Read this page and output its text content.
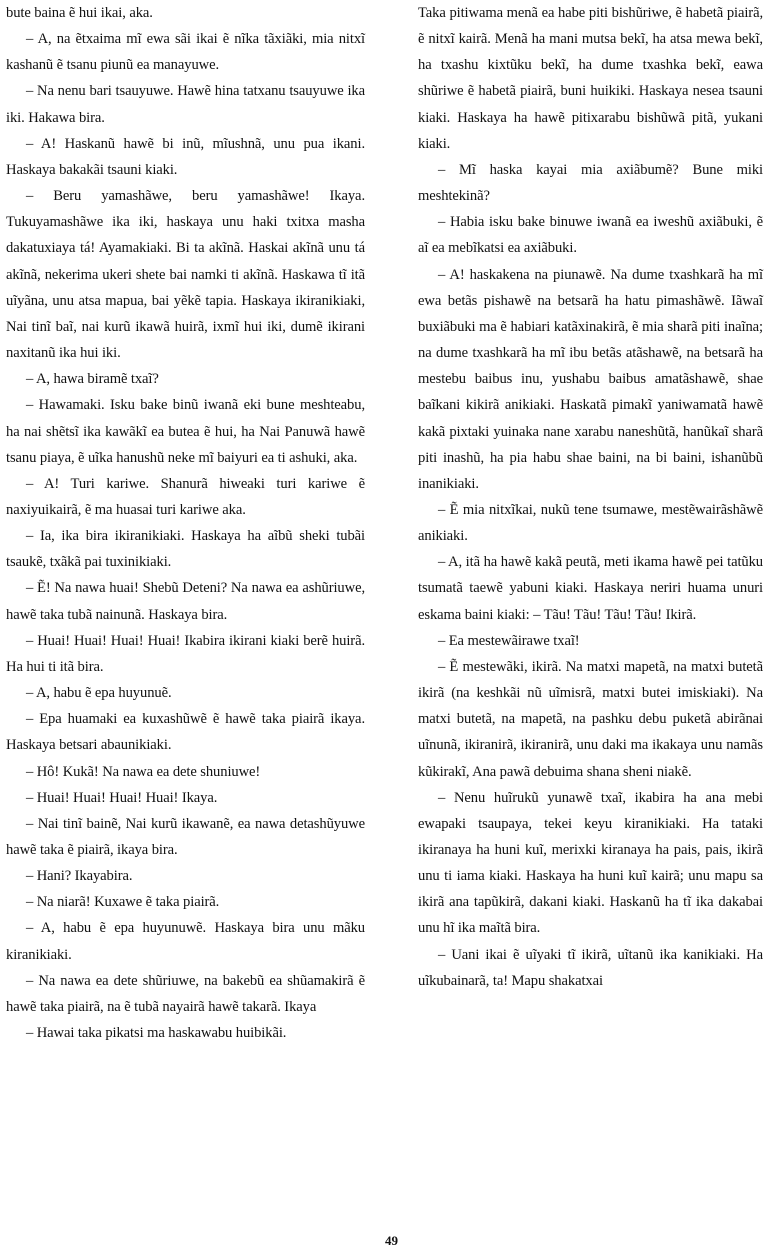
bute baina ẽ hui ikai, aka.

– A, na ẽtxaima mĩ ewa sãi ikai ẽ nĩka tãxiãki, mia nitxĩ kashanũ ẽ tsanu piunũ ea manayuwe.

– Na nenu bari tsauyuwe. Hawẽ hina tatxanu tsauyuwe ika iki. Hakawa bira.

– A! Haskanũ hawẽ bi inũ, mĩushnã, unu pua ikani. Haskaya bakakãi tsauni kiaki.

– Beru yamashãwe, beru yamashãwe! Ikaya. Tukuyamashãwe ika iki, haskaya unu haki txitxa masha dakatuxiaya tá! Ayamakiaki. Bi ta akĩnã. Haskai akĩnã unu tá akĩnã, nekerima ukeri shete bai namki ti akĩnã. Haskawa tĩ itã uĩyãna, unu atsa mapua, bai yẽkẽ tapia. Haskaya ikiranikiaki, Nai tinĩ baĩ, nai kurũ ikawã huirã, ixmĩ hui iki, dumẽ ikirani naxitanũ ika hui iki.

– A, hawa biramẽ txaĩ?

– Hawamaki. Isku bake binũ iwanã eki bune meshteabu, ha nai shẽtsĩ ika kawãkĩ ea butea ẽ hui, ha Nai Panuwã hawẽ tsanu piaya, ẽ uĩka hanushũ neke mĩ baiyuri ea ti ashuki, aka.

– A! Turi kariwe. Shanurã hiweaki turi kariwe ẽ naxiyuikairã, ẽ ma huasai turi kariwe aka.

– Ia, ika bira ikiranikiaki. Haskaya ha aĩbũ sheki tubãi tsaukẽ, txãkã pai tuxinikiaki.

– Ẽ! Na nawa huai! Shebũ Deteni? Na nawa ea ashũriuwe, hawẽ taka tubã nainunã. Haskaya bira.

– Huai! Huai! Huai! Huai! Ikabira ikirani kiaki berẽ huirã. Ha hui ti itã bira.

– A, habu ẽ epa huyunuẽ.

– Epa huamaki ea kuxashũwẽ ẽ hawẽ taka piairã ikaya. Haskaya betsari abaunikiaki.

– Hô! Kukã! Na nawa ea dete shuniuwe!

– Huai! Huai! Huai! Huai! Ikaya.

– Nai tinĩ bainẽ, Nai kurũ ikawanẽ, ea nawa detashũyuwe hawẽ taka ẽ piairã, ikaya bira.

– Hani? Ikayabira.

– Na niarã! Kuxawe ẽ taka piairã.

– A, habu ẽ epa huyunuwẽ. Haskaya bira unu mãku kiranikiaki.

– Na nawa ea dete shũriuwe, na bakebũ ea shũamakirã ẽ hawẽ taka piairã, na ẽ tubã nayairã hawẽ takarã. Ikaya

– Hawai taka pikatsi ma haskawabu huibikãi.

Taka pitiwama menã ea habe piti bishũriwe, ẽ habetã piairã, ẽ nitxĩ kairã. Menã ha mani mutsa bekĩ, ha atsa mewa bekĩ, ha txashu kixtũku bekĩ, ha dume txashka bekĩ, eawa shũriwe ẽ habetã piairã, buni huikiki. Haskaya nesea tsauni kiaki. Haskaya ha hawẽ pitixarabu bishũwã pitã, yukani kiaki.

– Mĩ haska kayai mia axiãbumẽ? Bune miki meshtekinã?

– Habia isku bake binuwe iwanã ea iweshũ axiãbuki, ẽ aĩ ea mebĩkatsi ea axiãbuki.

– A! haskakena na piunawẽ. Na dume txashkarã ha mĩ ewa betãs pishawẽ na betsarã ha hatu pimashãwẽ. Iãwaĩ buxiãbuki ma ẽ habiari katãxinakirã, ẽ mia sharã piti inaĩna; na dume txashkarã ha mĩ ibu betãs atãshawẽ, na betsarã ha mestebu baibus inu, yushabu baibus amatãshawẽ, shae baĩkani kikirã anikiaki. Haskatã pimakĩ yaniwamatã hawẽ kakã pixtaki yuinaka nane xarabu naneshũtã, hanũkaĩ sharã piti inashũ, ha pia habu shae baini, na bi baini, ishanũbũ inanikiaki.

– Ẽ mia nitxĩkai, nukũ tene tsumawe, mestẽwairãshãwẽ anikiaki.

– A, itã ha hawẽ kakã peutã, meti ikama hawẽ pei tatũku tsumatã taewẽ yabuni kiaki. Haskaya neriri huama unuri eskama baini kiaki: – Tãu! Tãu! Tãu! Tãu! Ikirã.

– Ea mestewãirawe txaĩ!

– Ẽ mestewãki, ikirã. Na matxi mapetã, na matxi butetã ikirã (na keshkãi nũ uĩmisrã, matxi butei imiskiaki). Na matxi butetã, na mapetã, na pashku debu puketã abirãnai uĩnunã, ikiranirã, ikiranirã, unu daki ma ikakaya unu namãs kũkirakĩ, Ana pawã debuima shana sheni niakẽ.

– Nenu huĩrukũ yunawẽ txaĩ, ikabira ha ana mebi ewapaki tsaupaya, tekei keyu kiranikiaki. Ha tataki ikiranaya ha huni kuĩ, merixki kiranaya ha pais, pais, ikirã unu ti iama kiaki. Haskaya ha huni kuĩ kairã; unu mapu sa ikirã ana tapũkirã, dakani kiaki. Haskanũ ha tĩ ika dakabai unu hĩ ika maĩtã bira.

– Uani ikai ẽ uĩyaki tĩ ikirã, uĩtanũ ika kanikiaki. Ha uĩkubainarã, ta! Mapu shakatxai

49
